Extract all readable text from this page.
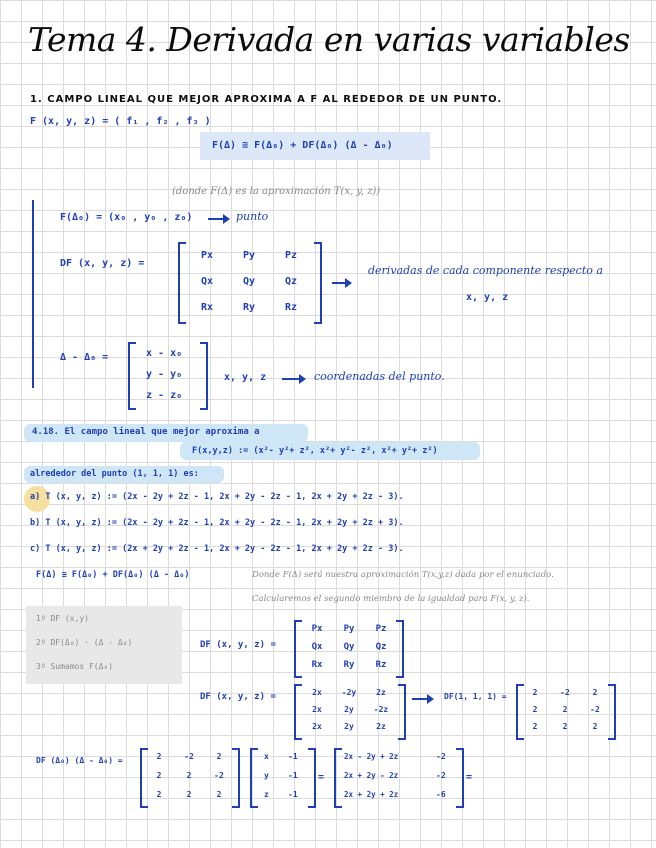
Tema 4. Derivada en varias variables
1. CAMPO LINEAL QUE MEJOR APROXIMA A F AL REDEDOR DE UN PUNTO.
F (x, y, z) = ( f₁ , f₂ , f₃ )
F(Δ) ≅ F(Δ₀) + DF(Δ₀) (Δ - Δ₀)
(donde F(Δ) es la aproximación T(x, y, z))
F(Δ₀) = (x₀ , y₀ , z₀)	punto
DF (x, y, z) =
Px	Py	Pz
Qx	Qy	Qz
Rx	Ry	Rz
derivadas de cada componente respecto a
x, y, z
Δ - Δ₀ =	x - x₀
y - y₀
z - z₀
x, y, z	coordenadas del punto.
4.18. El campo lineal que mejor aproxima a
F(x,y,z) := (x²- y²+ z², x²+ y²- z², x²+ y²+ z²)
alrededor del punto (1, 1, 1) es:
a) T (x, y, z) := (2x - 2y + 2z - 1, 2x + 2y - 2z - 1, 2x + 2y + 2z - 3).
b) T (x, y, z) := (2x - 2y + 2z - 1, 2x + 2y - 2z - 1, 2x + 2y + 2z + 3).
c) T (x, y, z) := (2x + 2y + 2z - 1, 2x + 2y - 2z - 1, 2x + 2y + 2z - 3).
F(Δ) ≅ F(Δ₀) + DF(Δ₀) (Δ - Δ₀)	Donde F(Δ) será nuestra aproximación T(x,y,z) dada por el enunciado.
Calcularemos el segundo miembro de la igualdad para F(x, y, z).
1º DF (x,y)
2º DF(Δ₀) · (Δ - Δ₀)
3º Sumamos F(Δ₀)
DF (x, y, z) =
Px	Py	Pz
Qx	Qy	Qz
Rx	Ry	Rz
DF (x, y, z) =	2x	-2y	2z
2x	2y	-2z
2x	2y	2z
DF(1, 1, 1) =	2	-2	2
2	2	-2
2	2	2
DF (Δ₀) (Δ - Δ₀) =	2	-2	2
2	2	-2
2	2	2
x -1
y -1
z -1
=
2x - 2y + 2z	-2
2x + 2y - 2z	-2
2x + 2y + 2z	-6
=
